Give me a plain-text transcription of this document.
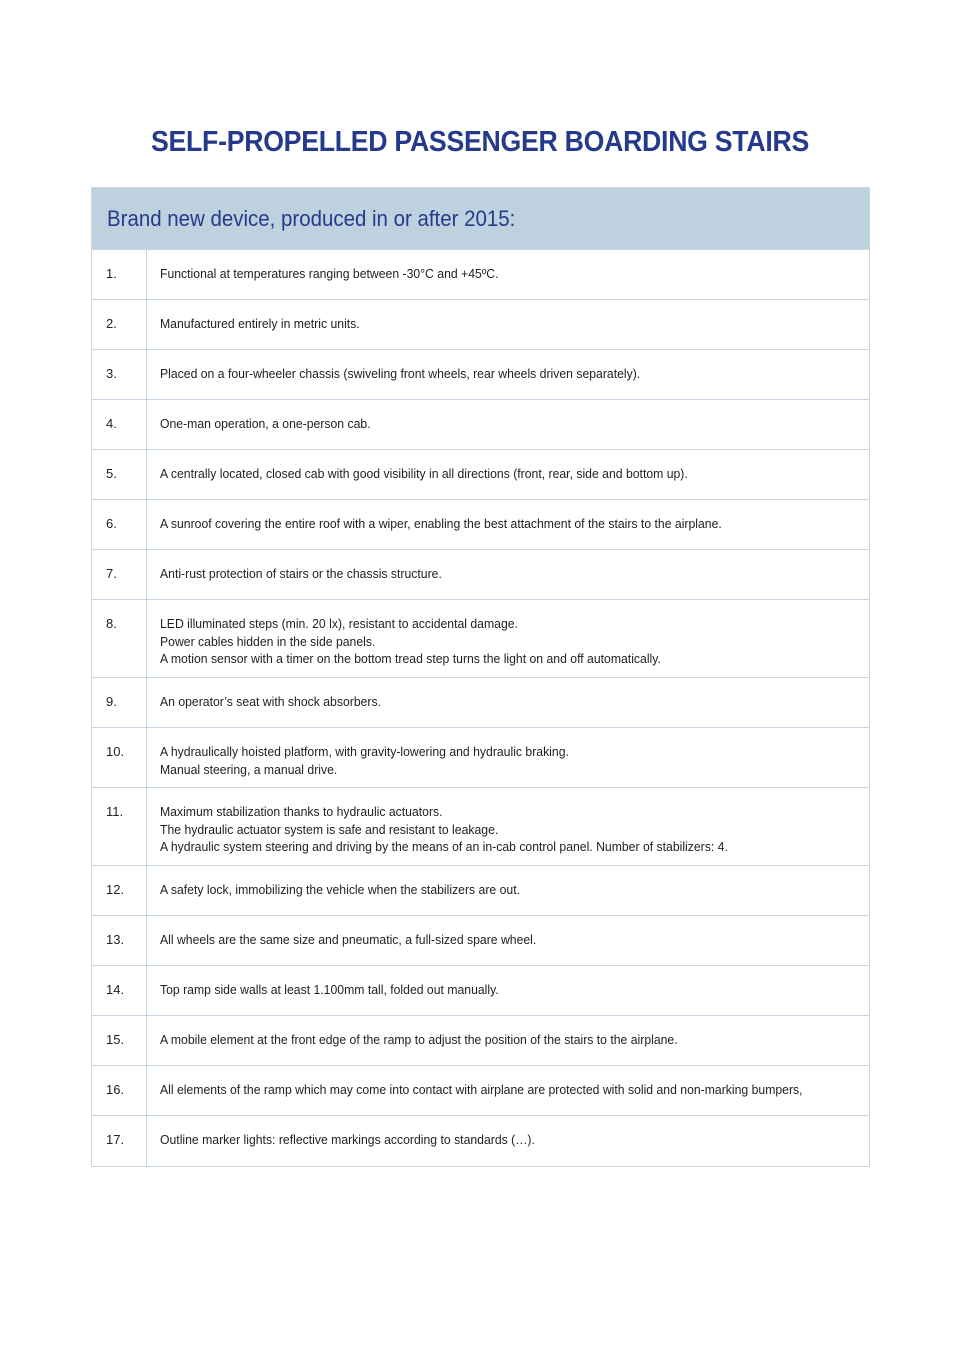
SELF-PROPELLED PASSENGER BOARDING STAIRS
Brand new device, produced in or after 2015:
1.	Functional at temperatures ranging between -30°C and +45ºC.
2.	Manufactured entirely in metric units.
3.	Placed on a four-wheeler chassis (swiveling front wheels, rear wheels driven separately).
4.	One-man operation, a one-person cab.
5.	A centrally located, closed cab with good visibility in all directions (front, rear, side and bottom up).
6.	A sunroof covering the entire roof with a wiper, enabling the best attachment of the stairs to the airplane.
7.	Anti-rust protection of stairs or the chassis structure.
8.	LED illuminated steps (min. 20 lx), resistant to accidental damage.
Power cables hidden in the side panels.
A motion sensor with a timer on the bottom tread step turns the light on and off automatically.
9.	An operator’s seat with shock absorbers.
10.	A hydraulically hoisted platform, with gravity-lowering and hydraulic braking.
Manual steering, a manual drive.
11.	Maximum stabilization thanks to hydraulic actuators.
The hydraulic actuator system is safe and resistant to leakage.
A hydraulic system steering and driving by the means of an in-cab control panel. Number of stabilizers: 4.
12.	A safety lock, immobilizing the vehicle when the stabilizers are out.
13.	All wheels are the same size and pneumatic, a full-sized spare wheel.
14.	Top ramp side walls at least 1.100mm tall, folded out manually.
15.	A mobile element at the front edge of the ramp to adjust the position of the stairs to the airplane.
16.	All elements of the ramp which may come into contact with airplane are protected with solid and non-marking bumpers,
17.	Outline marker lights: reflective markings according to standards (…).
